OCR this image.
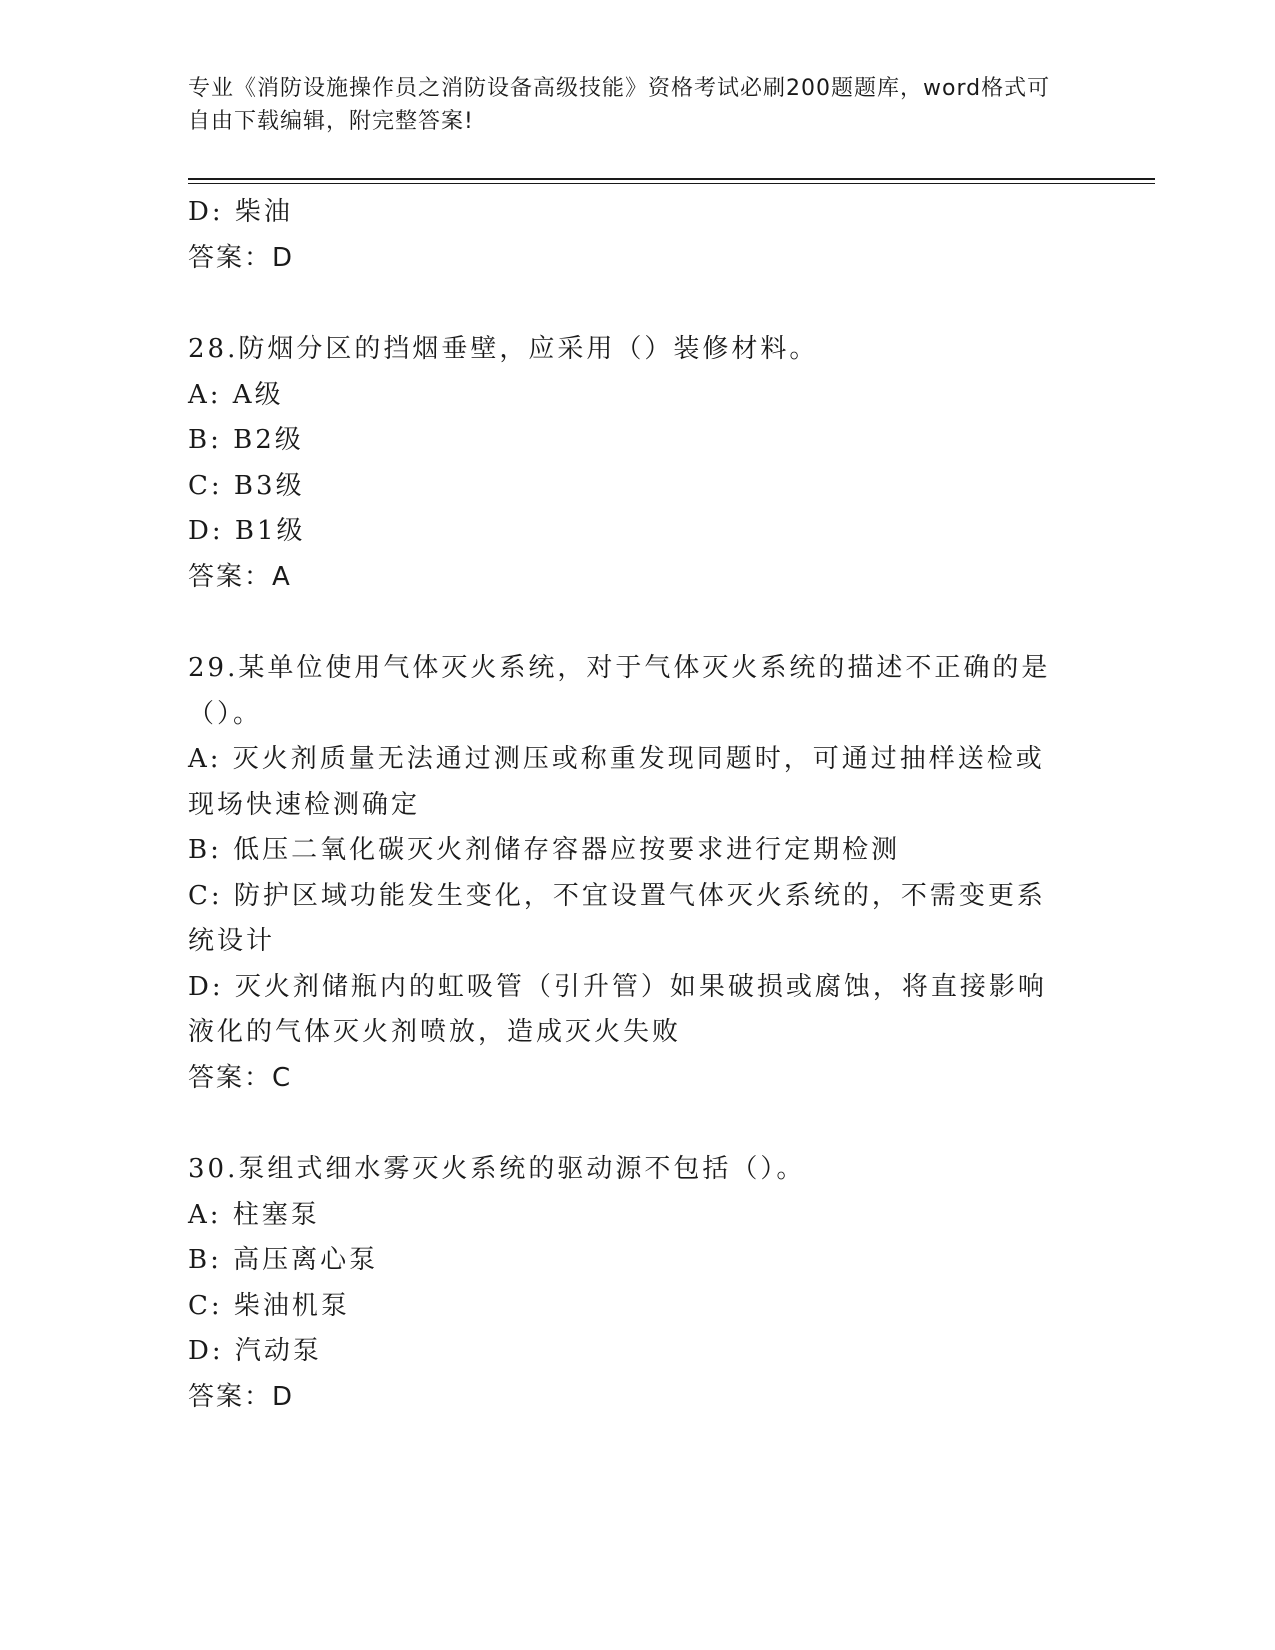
专业《消防设施操作员之消防设备高级技能》资格考试必刷200题题库，word格式可自由下载编辑，附完整答案!

D: 柴油

答案：D

28.防烟分区的挡烟垂壁，应采用（）装修材料。

A: A级

B: B2级

C: B3级

D: B1级

答案：A

29.某单位使用气体灭火系统，对于气体灭火系统的描述不正确的是（）。

A: 灭火剂质量无法通过测压或称重发现同题时，可通过抽样送检或现场快速检测确定

B: 低压二氧化碳灭火剂储存容器应按要求进行定期检测

C: 防护区域功能发生变化，不宜设置气体灭火系统的，不需变更系统设计

D: 灭火剂储瓶内的虹吸管（引升管）如果破损或腐蚀，将直接影响液化的气体灭火剂喷放，造成灭火失败

答案：C

30.泵组式细水雾灭火系统的驱动源不包括（）。

A: 柱塞泵

B: 高压离心泵

C: 柴油机泵

D: 汽动泵

答案：D
